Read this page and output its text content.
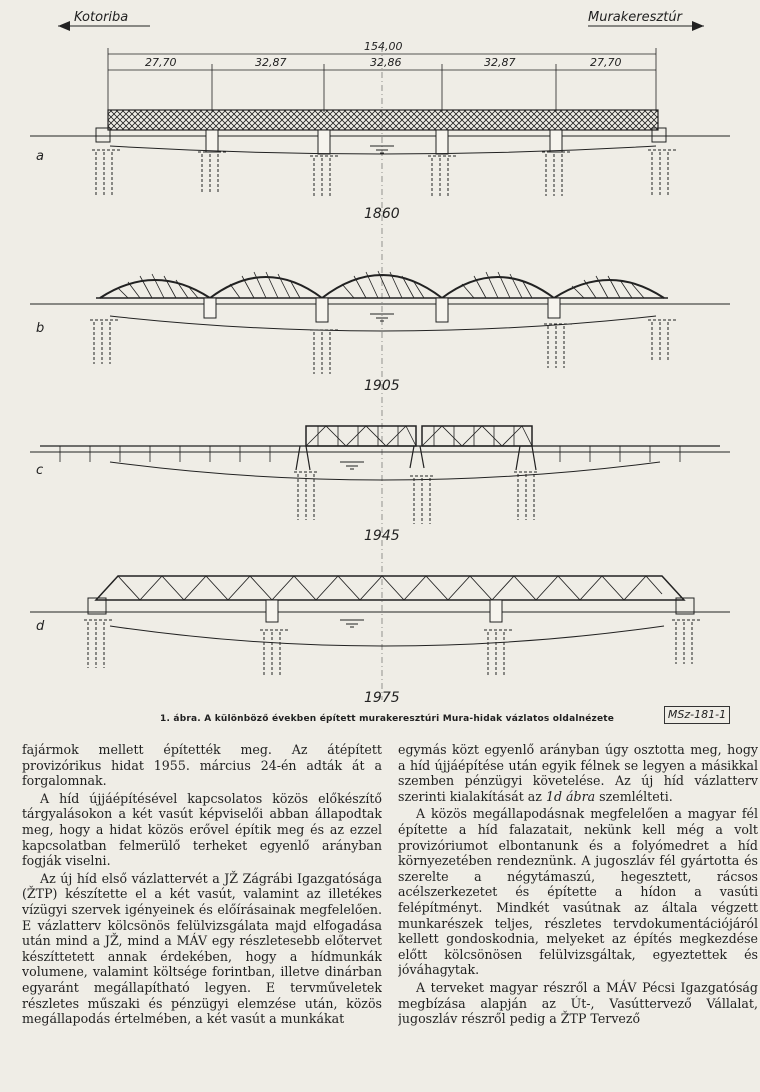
Kotoriba	Murakeresztúr
154,00
27,70	32,87	32,86	32,87	27,70
a
1860
b
1905
c
1945
d
1975
1. ábra. A különböző években épített murakeresztúri Mura-hidak vázlatos oldalnézete	MSz-181-1

fajármok mellett építették meg. Az átépített provizórikus hidat 1955. március 24-én adták át a forgalomnak.

A híd újjáépítésével kapcsolatos közös előkészítő tárgyalásokon a két vasút képviselői abban állapodtak meg, hogy a hidat közös erővel építik meg és az ezzel kapcsolatban felmerülő terheket egyenlő arányban fogják viselni.

Az új híd első vázlattervét a JŽ Zágrábi Igazgatósága (ŽTP) készítette el a két vasút, valamint az illetékes vízügyi szervek igényeinek és előírásainak megfelelően. E vázlatterv kölcsönös felülvizsgálata majd elfogadása után mind a JŽ, mind a MÁV egy részletesebb előtervet készíttetett annak érdekében, hogy a hídmunkák volumene, valamint költsége forintban, illetve dinárban egyaránt megállapítható legyen. E tervműveletek részletes műszaki és pénzügyi elemzése után, közös megállapodás értelmében, a két vasút a munkákat

egymás közt egyenlő arányban úgy osztotta meg, hogy a híd újjáépítése után egyik félnek se legyen a másikkal szemben pénzügyi követelése. Az új híd vázlatterv szerinti kialakítását az 1d ábra szemlélteti.

A közös megállapodásnak megfelelően a magyar fél építette a híd falazatait, nekünk kell még a volt provizóriumot elbontanunk és a folyómedret a híd környezetében rendeznünk. A jugoszláv fél gyártotta és szerelte a négytámaszú, hegesztett, rácsos acélszerkezetet és építette a hídon a vasúti felépítményt. Mindkét vasútnak az általa végzett munkarészek teljes, részletes tervdokumentációjáról kellett gondoskodnia, melyeket az építés megkezdése előtt kölcsönösen felülvizsgáltak, egyeztettek és jóváhagytak.

A terveket magyar részről a MÁV Pécsi Igazgatóság megbízása alapján az Út-, Vasúttervező Vállalat, jugoszláv részről pedig a ŽTP Tervező
